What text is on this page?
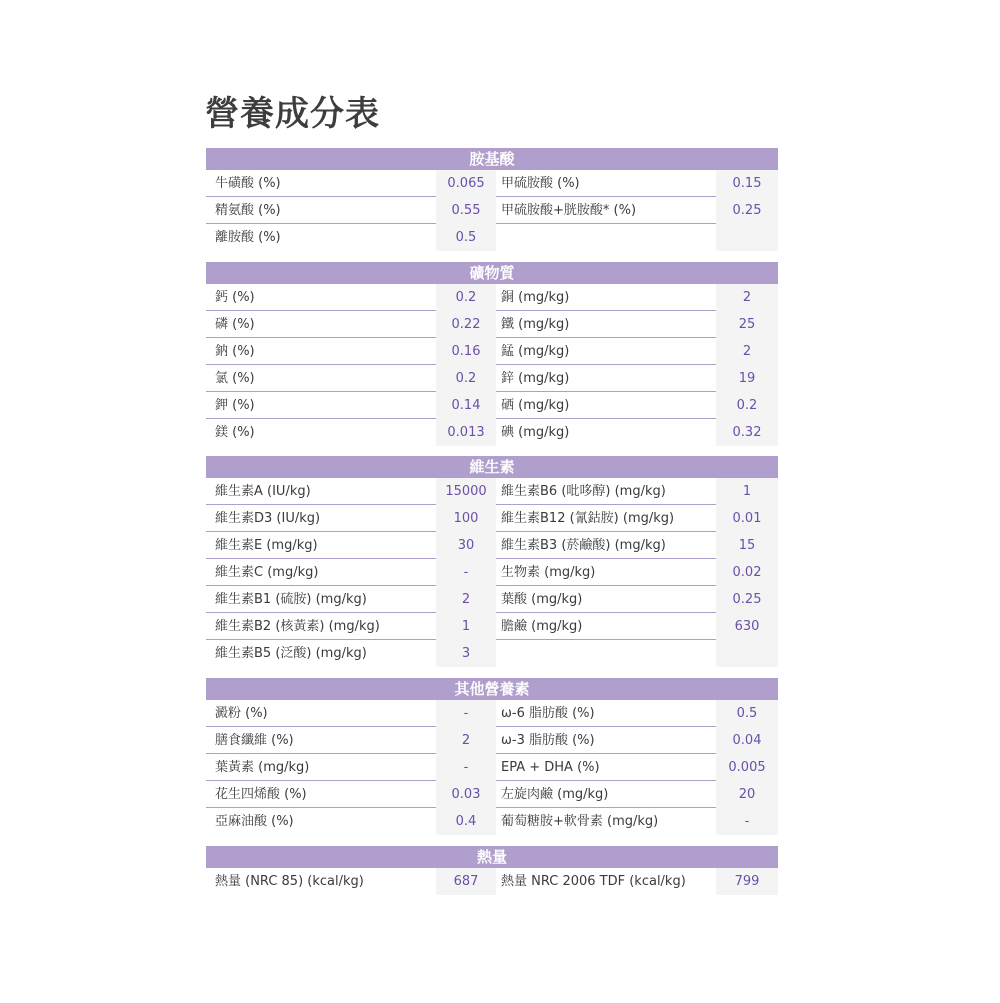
營養成分表
胺基酸
牛磺酸 (%)	0.065	甲硫胺酸 (%)	0.15
精氨酸 (%)	0.55	甲硫胺酸+胱胺酸* (%)	0.25
離胺酸 (%)	0.5
礦物質
鈣 (%)	0.2	銅 (mg/kg)	2
磷 (%)	0.22	鐵 (mg/kg)	25
鈉 (%)	0.16	錳 (mg/kg)	2
氯 (%)	0.2	鋅 (mg/kg)	19
鉀 (%)	0.14	硒 (mg/kg)	0.2
鎂 (%)	0.013	碘 (mg/kg)	0.32
維生素
維生素A (IU/kg)	15000	維生素B6 (吡哆醇) (mg/kg)	1
維生素D3 (IU/kg)	100	維生素B12 (氰鈷胺) (mg/kg)	0.01
維生素E (mg/kg)	30	維生素B3 (菸鹼酸) (mg/kg)	15
維生素C (mg/kg)	-	生物素 (mg/kg)	0.02
維生素B1 (硫胺) (mg/kg)	2	葉酸 (mg/kg)	0.25
維生素B2 (核黃素) (mg/kg)	1	膽鹼 (mg/kg)	630
維生素B5 (泛酸) (mg/kg)	3
其他營養素
澱粉 (%)	-	ω-6 脂肪酸 (%)	0.5
膳食纖維 (%)	2	ω-3 脂肪酸 (%)	0.04
葉黃素 (mg/kg)	-	EPA + DHA (%)	0.005
花生四烯酸 (%)	0.03	左旋肉鹼 (mg/kg)	20
亞麻油酸 (%)	0.4	葡萄糖胺+軟骨素 (mg/kg)	-
熱量
熱量 (NRC 85) (kcal/kg)	687	熱量 NRC 2006 TDF (kcal/kg)	799
